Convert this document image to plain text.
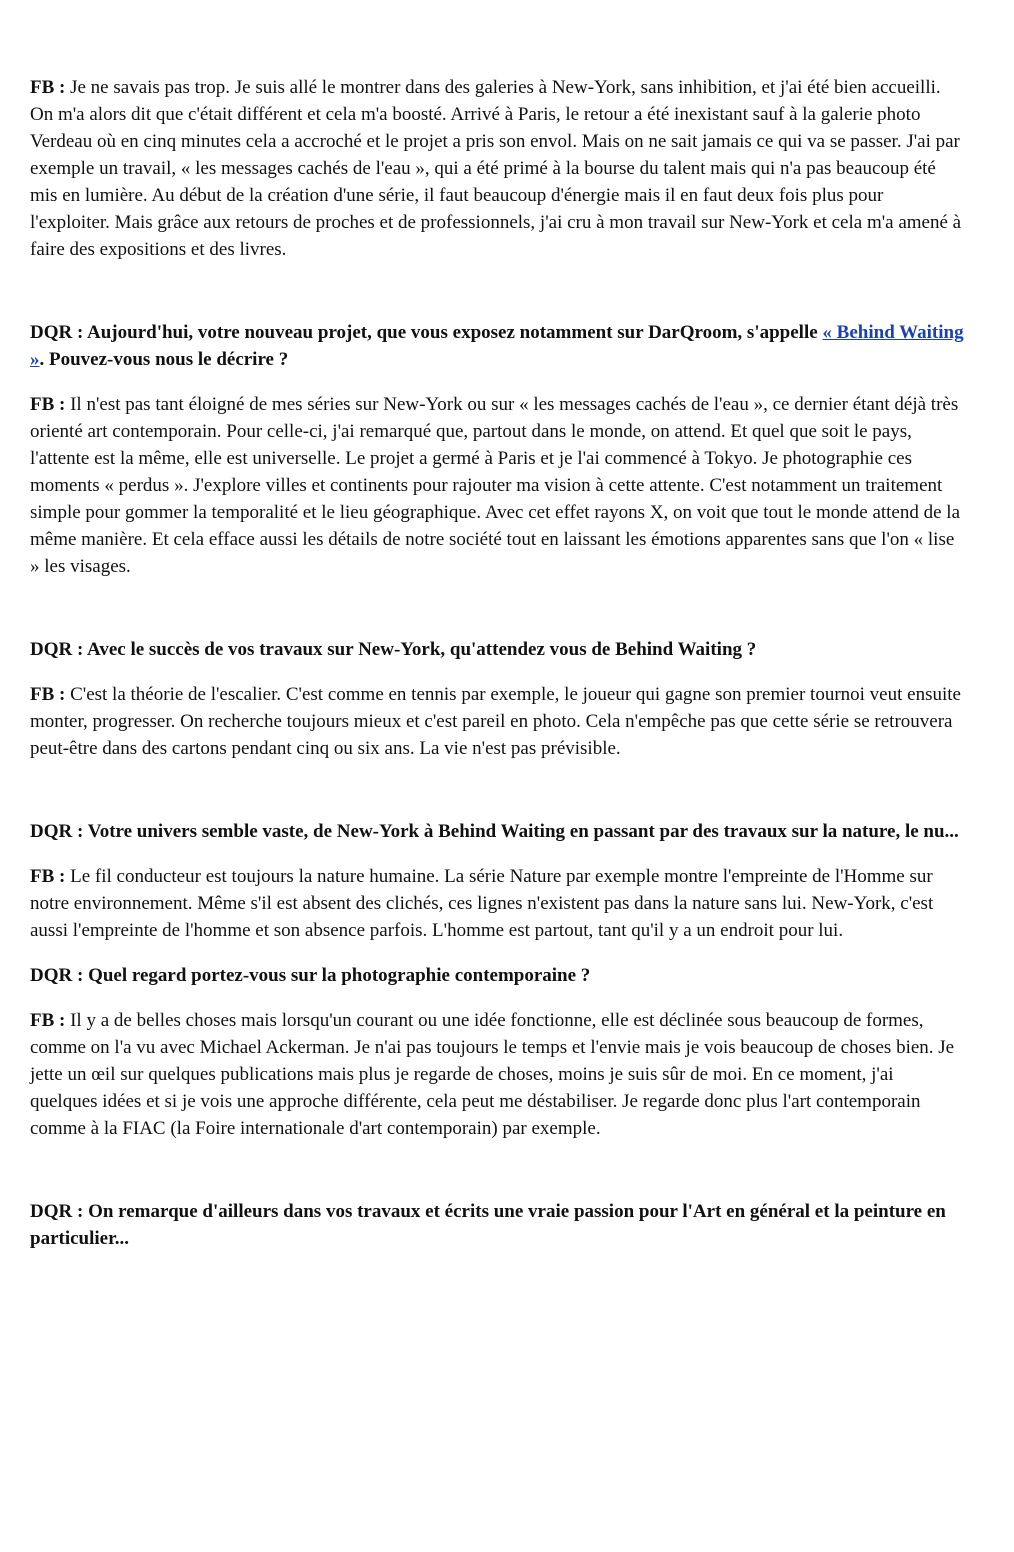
FB : Je ne savais pas trop. Je suis allé le montrer dans des galeries à New-York, sans inhibition, et j'ai été bien accueilli. On m'a alors dit que c'était différent et cela m'a boosté. Arrivé à Paris, le retour a été inexistant sauf à la galerie photo Verdeau où en cinq minutes cela a accroché et le projet a pris son envol. Mais on ne sait jamais ce qui va se passer. J'ai par exemple un travail, « les messages cachés de l'eau », qui a été primé à la bourse du talent mais qui n'a pas beaucoup été mis en lumière. Au début de la création d'une série, il faut beaucoup d'énergie mais il en faut deux fois plus pour l'exploiter. Mais grâce aux retours de proches et de professionnels, j'ai cru à mon travail sur New-York et cela m'a amené à faire des expositions et des livres.

DQR : Aujourd'hui, votre nouveau projet, que vous exposez notamment sur DarQroom, s'appelle « Behind Waiting ». Pouvez-vous nous le décrire ?

FB : Il n'est pas tant éloigné de mes séries sur New-York ou sur « les messages cachés de l'eau », ce dernier étant déjà très orienté art contemporain. Pour celle-ci, j'ai remarqué que, partout dans le monde, on attend. Et quel que soit le pays, l'attente est la même, elle est universelle. Le projet a germé à Paris et je l'ai commencé à Tokyo. Je photographie ces moments « perdus ». J'explore villes et continents pour rajouter ma vision à cette attente. C'est notamment un traitement simple pour gommer la temporalité et le lieu géographique. Avec cet effet rayons X, on voit que tout le monde attend de la même manière. Et cela efface aussi les détails de notre société tout en laissant les émotions apparentes sans que l'on « lise » les visages.

DQR : Avec le succès de vos travaux sur New-York, qu'attendez vous de Behind Waiting ?

FB : C'est la théorie de l'escalier. C'est comme en tennis par exemple, le joueur qui gagne son premier tournoi veut ensuite monter, progresser. On recherche toujours mieux et c'est pareil en photo. Cela n'empêche pas que cette série se retrouvera peut-être dans des cartons pendant cinq ou six ans. La vie n'est pas prévisible.

DQR : Votre univers semble vaste, de New-York à Behind Waiting en passant par des travaux sur la nature, le nu...

FB : Le fil conducteur est toujours la nature humaine. La série Nature par exemple montre l'empreinte de l'Homme sur notre environnement. Même s'il est absent des clichés, ces lignes n'existent pas dans la nature sans lui. New-York, c'est aussi l'empreinte de l'homme et son absence parfois. L'homme est partout, tant qu'il y a un endroit pour lui.

DQR : Quel regard portez-vous sur la photographie contemporaine ?

FB : Il y a de belles choses mais lorsqu'un courant ou une idée fonctionne, elle est déclinée sous beaucoup de formes, comme on l'a vu avec Michael Ackerman. Je n'ai pas toujours le temps et l'envie mais je vois beaucoup de choses bien. Je jette un œil sur quelques publications mais plus je regarde de choses, moins je suis sûr de moi. En ce moment, j'ai quelques idées et si je vois une approche différente, cela peut me déstabiliser. Je regarde donc plus l'art contemporain comme à la FIAC (la Foire internationale d'art contemporain) par exemple.

DQR : On remarque d'ailleurs dans vos travaux et écrits une vraie passion pour l'Art en général et la peinture en particulier...
